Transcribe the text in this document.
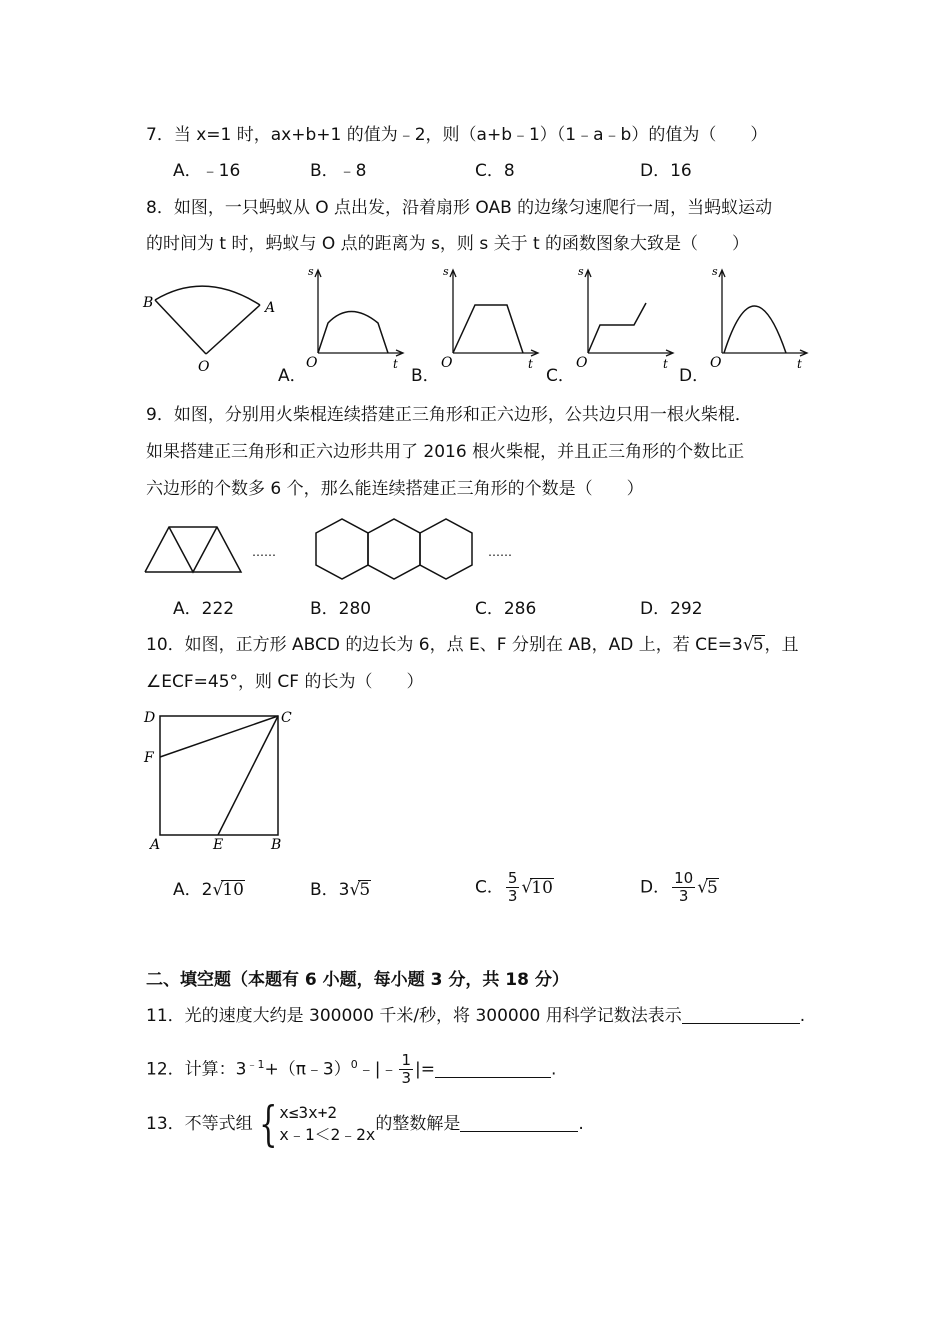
7．当 x=1 时，ax+b+1 的值为﹣2，则（a+b﹣1）（1﹣a﹣b）的值为（　　）
A．﹣16	B．﹣8	C．8	D．16
8．如图，一只蚂蚁从 O 点出发，沿着扇形 OAB 的边缘匀速爬行一周，当蚂蚁运动
的时间为 t 时，蚂蚁与 O 点的距离为 s，则 s 关于 t 的函数图象大致是（　　）
B	A
O
s
t
O
A．
s
t
O
B．
s
t
O
C．
s
t
O
D．
9．如图，分别用火柴棍连续搭建正三角形和正六边形，公共边只用一根火柴棍．
如果搭建正三角形和正六边形共用了 2016 根火柴棍，并且正三角形的个数比正
六边形的个数多 6 个，那么能连续搭建正三角形的个数是（　　）
……	……
A．222	B．280	C．286	D．292
10．如图，正方形 ABCD 的边长为 6，点 E、F 分别在 AB，AD 上，若 CE=3√5，且
∠ECF=45°，则 CF 的长为（　　）
D	C
F
A	E	B
A．2√10	B．3√5	C． $\frac{5}{3} √10$	D． $\frac{10}{3} √5$
二、填空题（本题有 6 小题，每小题 3 分，共 18 分）
11．光的速度大约是 300000 千米/秒，将 300000 用科学记数法表示	.
12．计算：$3^{﹣1}+(\pi﹣3)^0﹣|﹣ \frac{1}{3}$ |=	.
13．不等式组 { x≤3x+2
x﹣1＜2﹣2x
的整数解是	.
